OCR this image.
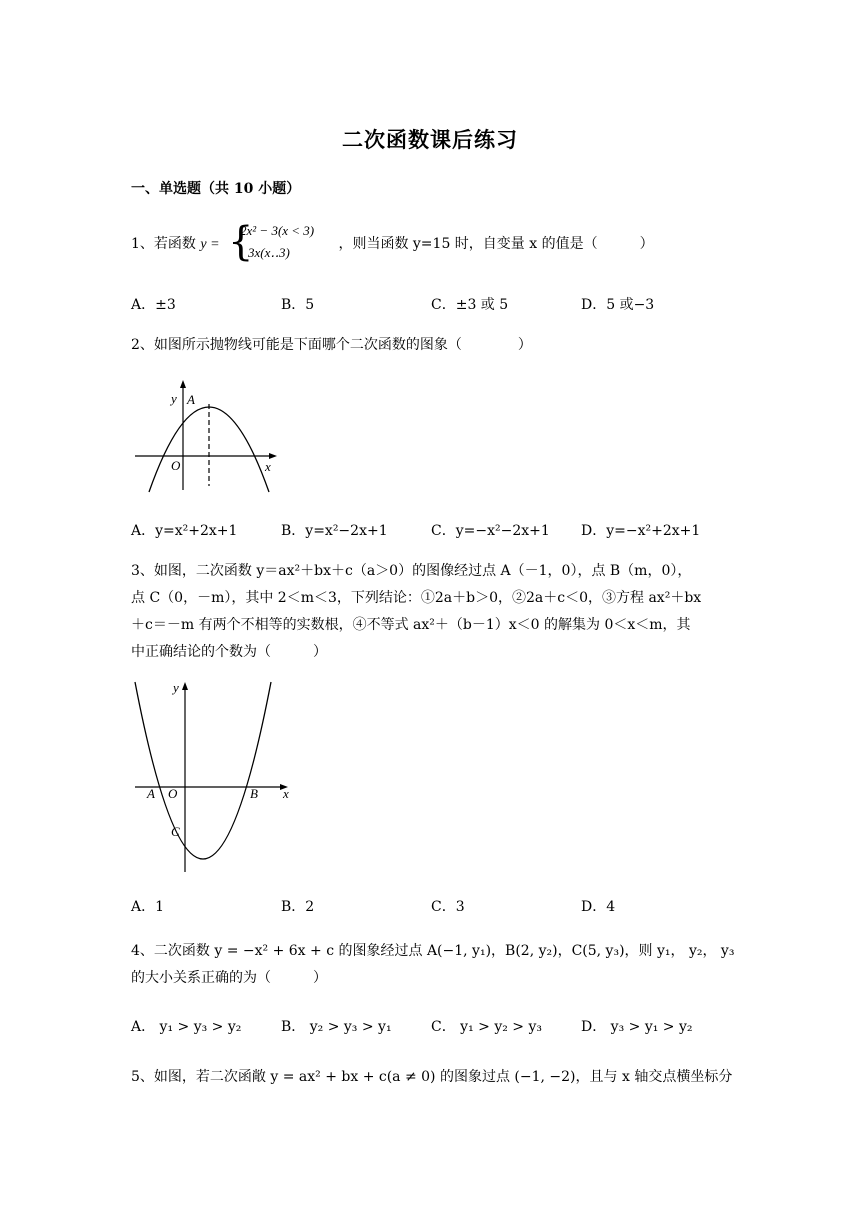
二次函数课后练习
一、单选题（共 10 小题）
1、若函数 y = {
2x² − 3(x < 3)
3x(x‥3)
，则当函数 y=15 时，自变量 x 的值是（　　　）
A．±3	B．5	C．±3 或 5	D．5 或−3
2、如图所示抛物线可能是下面哪个二次函数的图象（　　　　）
y A
O	x
A．y=x²+2x+1	B．y=x²−2x+1	C．y=−x²−2x+1 D．y=−x²+2x+1
3、如图，二次函数 y＝ax²＋bx＋c（a＞0）的图像经过点 A（－1，0），点 B（m，0），
点 C（0，－m），其中 2＜m＜3，下列结论：①2a＋b＞0，②2a＋c＜0，③方程 ax²＋bx
＋c＝－m 有两个不相等的实数根，④不等式 ax²＋（b－1）x＜0 的解集为 0＜x＜m，其
中正确结论的个数为（　　　）
y
A O	B x
C
A．1	B．2	C．3	D．4
4、二次函数 y = −x² + 6x + c 的图象经过点 A(−1, y₁)，B(2, y₂)，C(5, y₃)，则 y₁， y₂， y₃
的大小关系正确的为（　　　）
A． y₁ > y₃ > y₂	B． y₂ > y₃ > y₁	C． y₁ > y₂ > y₃	D． y₃ > y₁ > y₂
5、如图，若二次函敞 y = ax² + bx + c(a ≠ 0) 的图象过点 (−1, −2)，且与 x 轴交点横坐标分
